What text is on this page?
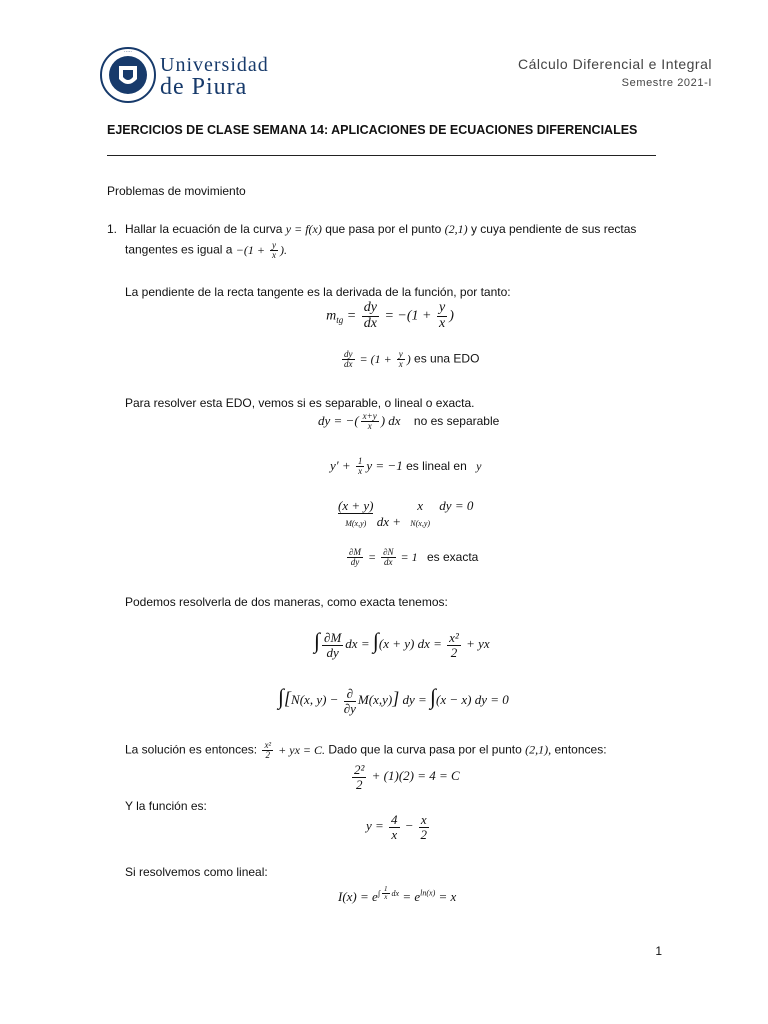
·····
Universidad
de Piura
Cálculo Diferencial e Integral
Semestre 2021-I
EJERCICIOS DE CLASE SEMANA 14: APLICACIONES DE ECUACIONES DIFERENCIALES
Problemas de movimiento
1. Hallar la ecuación de la curva y = f(x) que pasa por el punto (2,1) y cuya pendiente de sus rectas
tangentes es igual $a -(1 + \frac{y}{x}$ ).
La pendiente de la recta tangente es la derivada de la función, por tanto:
$m_{tg} = \frac{dy}{dx} = -(1 + \frac{y}{x}$ )
$\frac{dy}{dx} = (1 + \frac{y}{x}$ ) es una EDO
Para resolver esta EDO, vemos si es separable, o lineal o exacta.
dy = −( $\frac{x+y}{x}$ ) dx no es separable
$y' + \frac{1}{x}$ y = −1 es lineal en y
(x + y)
M(x,y) dx + x
N(x,y) dy = 0
$\frac{\partial M}{dy} = \frac{\partial N}{dx} = 1$ es exacta
Podemos resolverla de dos maneras, como exacta tenemos:
∫ $\frac{\partial M}{dy}$ dx = ∫(x + y) dx = $\frac{\text{x²}}{2}$ + yx
∫[N(x, $y) - \frac{\partial}{\partial y} M(x,y)$] dy = ∫(x − x) dy = 0
La solución es entonces: $\frac{\text{x²}}{2}$ + yx = C. Dado que la curva pasa por el punto (2,1), entonces:
$\frac{\text{2²}}{2} + (1)(2) = 4 = C$
Y la función es:
$y = \frac{4}{x} - \frac{x}{2}$
Si resolvemos como lineal:
$I(x) = e^{\int \frac{1}{x} dx} = e^{ln(x)} = x$
1
